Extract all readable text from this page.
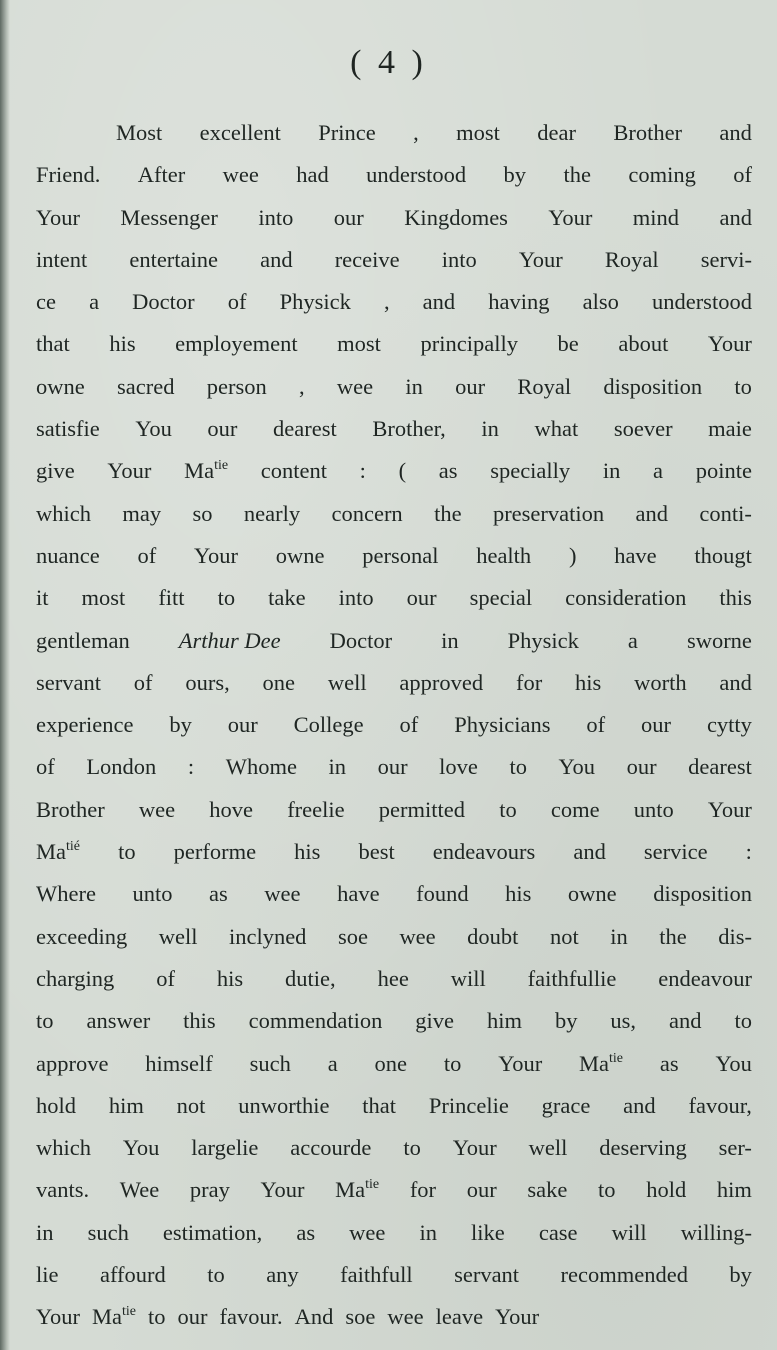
( 4 )
Most excellent Prince , most dear Brother and
Friend. After wee had understood by the coming of
Your Messenger into our Kingdomes Your mind and
intent entertaine and receive into Your Royal servi-
ce a Doctor of Physick , and having also understood
that his employement most principally be about Your
owne sacred person , wee in our Royal disposition to
satisfie You our dearest Brother, in what soever maie
give Your $Ma^{tie}$ content : ( as specially in a pointe
which may so nearly concern the preservation and conti-
nuance of Your owne personal health ) have thougt
it most fitt to take into our special consideration this
gentleman Arthur Dee Doctor in Physick a sworne
servant of ours, one well approved for his worth and
experience by our College of Physicians of our cytty
of London : Whome in our love to You our dearest
Brother wee hove freelie permitted to come unto Your
$Ma^{tié}$ to performe his best endeavours and service :
Where unto as wee have found his owne disposition
exceeding well inclyned soe wee doubt not in the dis-
charging of his dutie, hee will faithfullie endeavour
to answer this commendation give him by us, and to
approve himself such a one to Your $Ma^{tie}$ as You
hold him not unworthie that Princelie grace and favour,
which You largelie accourde to Your well deserving ser-
vants. Wee pray Your $Ma^{tie}$ for our sake to hold him
in such estimation, as wee in like case will willing-
lie affourd to any faithfull servant recommended by
Your $Ma^{tie}$ to our favour. And soe wee leave Your
